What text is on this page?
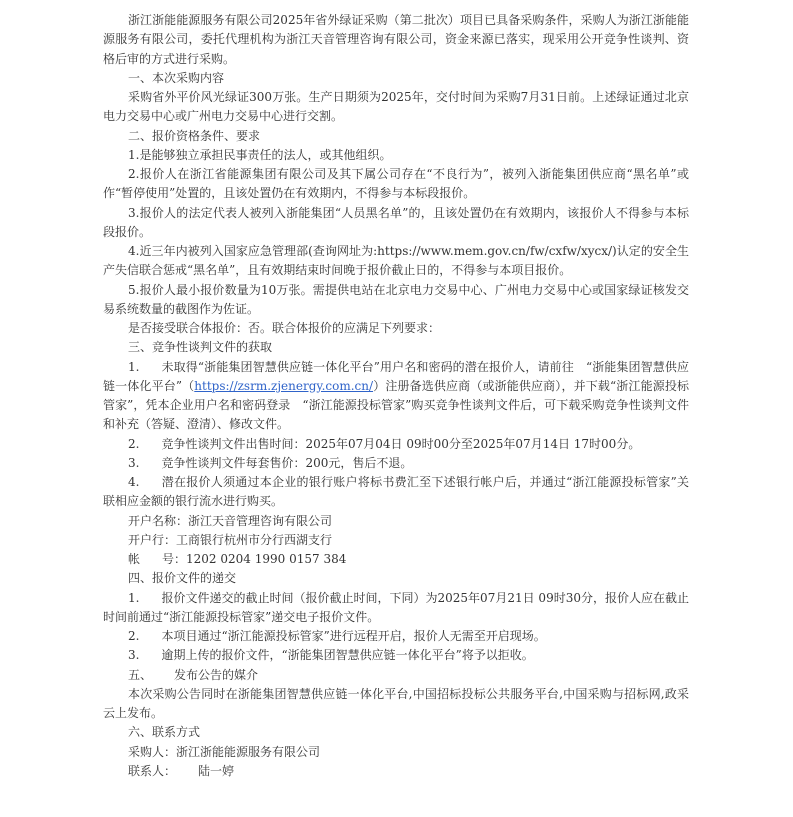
浙江浙能能源服务有限公司2025年省外绿证采购（第二批次）项目已具备采购条件，采购人为浙江浙能能源服务有限公司，委托代理机构为浙江天音管理咨询有限公司，资金来源已落实，现采用公开竞争性谈判、资格后审的方式进行采购。

一、本次采购内容

采购省外平价风光绿证300万张。生产日期须为2025年，交付时间为采购7月31日前。上述绿证通过北京电力交易中心或广州电力交易中心进行交割。

二、报价资格条件、要求

1.是能够独立承担民事责任的法人，或其他组织。

2.报价人在浙江省能源集团有限公司及其下属公司存在“不良行为”，被列入浙能集团供应商“黑名单”或作“暂停使用”处置的，且该处置仍在有效期内，不得参与本标段报价。

3.报价人的法定代表人被列入浙能集团“人员黑名单”的，且该处置仍在有效期内，该报价人不得参与本标段报价。

4.近三年内被列入国家应急管理部(查询网址为:https://www.mem.gov.cn/fw/cxfw/xycx/)认定的安全生产失信联合惩戒“黑名单”，且有效期结束时间晚于报价截止日的，不得参与本项目报价。

5.报价人最小报价数量为10万张。需提供电站在北京电力交易中心、广州电力交易中心或国家绿证核发交易系统数量的截图作为佐证。

是否接受联合体报价：否。联合体报价的应满足下列要求：

三、竞争性谈判文件的获取

1. 未取得“浙能集团智慧供应链一体化平台”用户名和密码的潜在报价人，请前往　“浙能集团智慧供应链一体化平台”（https://zsrm.zjenergy.com.cn/）注册备选供应商（或浙能供应商），并下载“浙江能源投标管家”，凭本企业用户名和密码登录　“浙江能源投标管家”购买竞争性谈判文件后，可下载采购竞争性谈判文件和补充（答疑、澄清）、修改文件。

2. 竞争性谈判文件出售时间：2025年07月04日 09时00分至2025年07月14日 17时00分。

3. 竞争性谈判文件每套售价：200元，售后不退。

4. 潜在报价人须通过本企业的银行账户将标书费汇至下述银行帐户后，并通过“浙江能源投标管家”关联相应金额的银行流水进行购买。

开户名称：浙江天音管理咨询有限公司

开户行：工商银行杭州市分行西湖支行

帐 号：1202 0204 1990 0157 384

四、报价文件的递交

1. 报价文件递交的截止时间（报价截止时间，下同）为2025年07月21日 09时30分，报价人应在截止时间前通过“浙江能源投标管家”递交电子报价文件。

2. 本项目通过“浙江能源投标管家”进行远程开启，报价人无需至开启现场。

3. 逾期上传的报价文件，“浙能集团智慧供应链一体化平台”将予以拒收。

五、 发布公告的媒介

本次采购公告同时在浙能集团智慧供应链一体化平台,中国招标投标公共服务平台,中国采购与招标网,政采云上发布。

六、联系方式

采购人：浙江浙能能源服务有限公司

联系人： 陆一婷
